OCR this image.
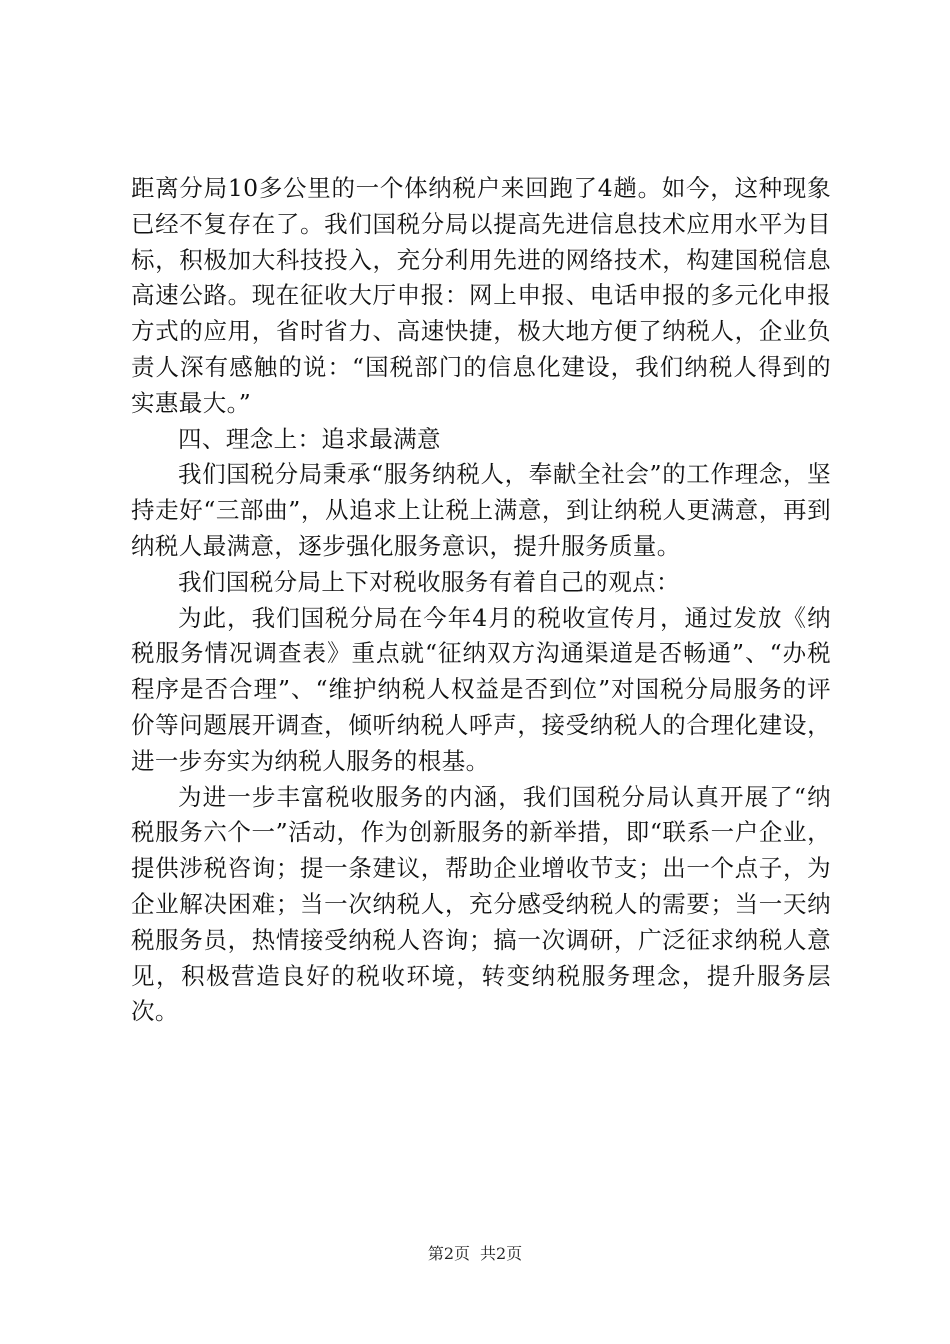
距离分局10多公里的一个体纳税户来回跑了4趟。如今，这种现象已经不复存在了。我们国税分局以提高先进信息技术应用水平为目标，积极加大科技投入，充分利用先进的网络技术，构建国税信息高速公路。现在征收大厅申报：网上申报、电话申报的多元化申报方式的应用，省时省力、高速快捷，极大地方便了纳税人，企业负责人深有感触的说：“国税部门的信息化建设，我们纳税人得到的实惠最大。”

四、理念上：追求最满意

我们国税分局秉承“服务纳税人，奉献全社会”的工作理念，坚持走好“三部曲”，从追求上让税上满意，到让纳税人更满意，再到纳税人最满意，逐步强化服务意识，提升服务质量。

我们国税分局上下对税收服务有着自己的观点：

为此，我们国税分局在今年4月的税收宣传月，通过发放《纳税服务情况调查表》重点就“征纳双方沟通渠道是否畅通”、“办税程序是否合理”、“维护纳税人权益是否到位”对国税分局服务的评价等问题展开调查，倾听纳税人呼声，接受纳税人的合理化建设，进一步夯实为纳税人服务的根基。

为进一步丰富税收服务的内涵，我们国税分局认真开展了“纳税服务六个一”活动，作为创新服务的新举措，即“联系一户企业，提供涉税咨询；提一条建议，帮助企业增收节支；出一个点子，为企业解决困难；当一次纳税人，充分感受纳税人的需要；当一天纳税服务员，热情接受纳税人咨询；搞一次调研，广泛征求纳税人意见，积极营造良好的税收环境，转变纳税服务理念，提升服务层次。

第2页 共2页
